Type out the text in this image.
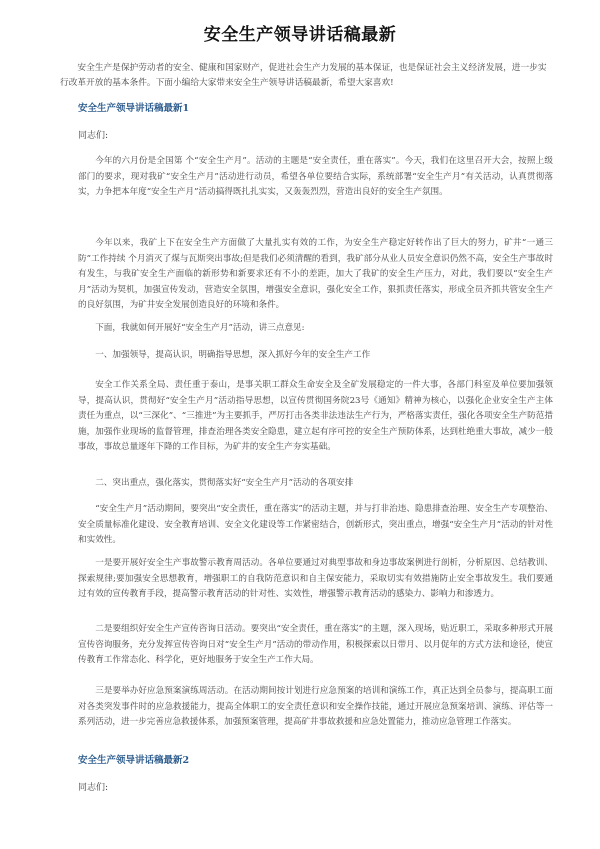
安全生产领导讲话稿最新

安全生产是保护劳动者的安全、健康和国家财产，促进社会生产力发展的基本保证，也是保证社会主义经济发展，进一步实行改革开放的基本条件。下面小编给大家带来安全生产领导讲话稿最新，希望大家喜欢!

安全生产领导讲话稿最新1

同志们:

今年的六月份是全国第 个“安全生产月”。活动的主题是“安全责任，重在落实”。今天，我们在这里召开大会，按照上级部门的要求，现对我矿“安全生产月”活动进行动员，希望各单位要结合实际，系统部署“安全生产月”有关活动，认真贯彻落实，力争把本年度“安全生产月”活动搞得既扎扎实实，又轰轰烈烈，营造出良好的安全生产氛围。

今年以来，我矿上下在安全生产方面做了大量扎实有效的工作，为安全生产稳定好转作出了巨大的努力，矿井“一通三防”工作持续 个月消灭了煤与瓦斯突出事故;但是我们必须清醒的看到，我矿部分从业人员安全意识仍然不高，安全生产事故时有发生，与我矿安全生产面临的新形势和新要求还有不小的差距，加大了我矿的安全生产压力，对此，我们要以“安全生产月”活动为契机，加强宣传发动，营造安全氛围，增强安全意识，强化安全工作，狠抓责任落实，形成全员齐抓共管安全生产的良好氛围，为矿井安全发展创造良好的环境和条件。

下面，我就如何开展好“安全生产月”活动，讲三点意见:

一、加强领导，提高认识，明确指导思想，深入抓好今年的安全生产工作

安全工作关系全局、责任重于泰山，是事关职工群众生命安全及全矿发展稳定的一件大事，各部门科室及单位要加强领导，提高认识，贯彻好“安全生产月”活动指导思想，以宣传贯彻国务院23号《通知》精神为核心，以强化企业安全生产主体责任为重点，以“三深化”、“三推进”为主要抓手，严厉打击各类非法违法生产行为，严格落实责任，强化各项安全生产防范措施，加强作业现场的监督管理，排查治理各类安全隐患，建立起有序可控的安全生产预防体系，达到杜绝重大事故，减少一般事故，事故总量逐年下降的工作目标，为矿井的安全生产夯实基础。

二、突出重点，强化落实，贯彻落实好“安全生产月”活动的各项安排

“安全生产月”活动期间，要突出“安全责任，重在落实”的活动主题，并与打非治违、隐患排查治理、安全生产专项整治、安全质量标准化建设、安全教育培训、安全文化建设等工作紧密结合，创新形式，突出重点，增强“安全生产月”活动的针对性和实效性。

一是要开展好安全生产事故警示教育周活动。各单位要通过对典型事故和身边事故案例进行剖析，分析原因、总结教训、探索规律;要加强安全思想教育，增强职工的自我防范意识和自主保安能力，采取切实有效措施防止安全事故发生。我们要通过有效的宣传教育手段，提高警示教育活动的针对性、实效性，增强警示教育活动的感染力、影响力和渗透力。

二是要组织好安全生产宣传咨询日活动。要突出“安全责任，重在落实”的主题，深入现场，贴近职工，采取多种形式开展宣传咨询服务，充分发挥宣传咨询日对“安全生产月”活动的带动作用，积极探索以日带月、以月促年的方式方法和途径，使宣传教育工作常态化、科学化，更好地服务于安全生产工作大局。

三是要举办好应急预案演练周活动。在活动期间按计划进行应急预案的培训和演练工作，真正达到全员参与，提高职工面对各类突发事件时的应急救援能力，提高全体职工的安全责任意识和安全操作技能，通过开展应急预案培训、演练、评估等一系列活动，进一步完善应急救援体系，加强预案管理，提高矿井事故救援和应急处置能力，推动应急管理工作落实。

安全生产领导讲话稿最新2

同志们:
